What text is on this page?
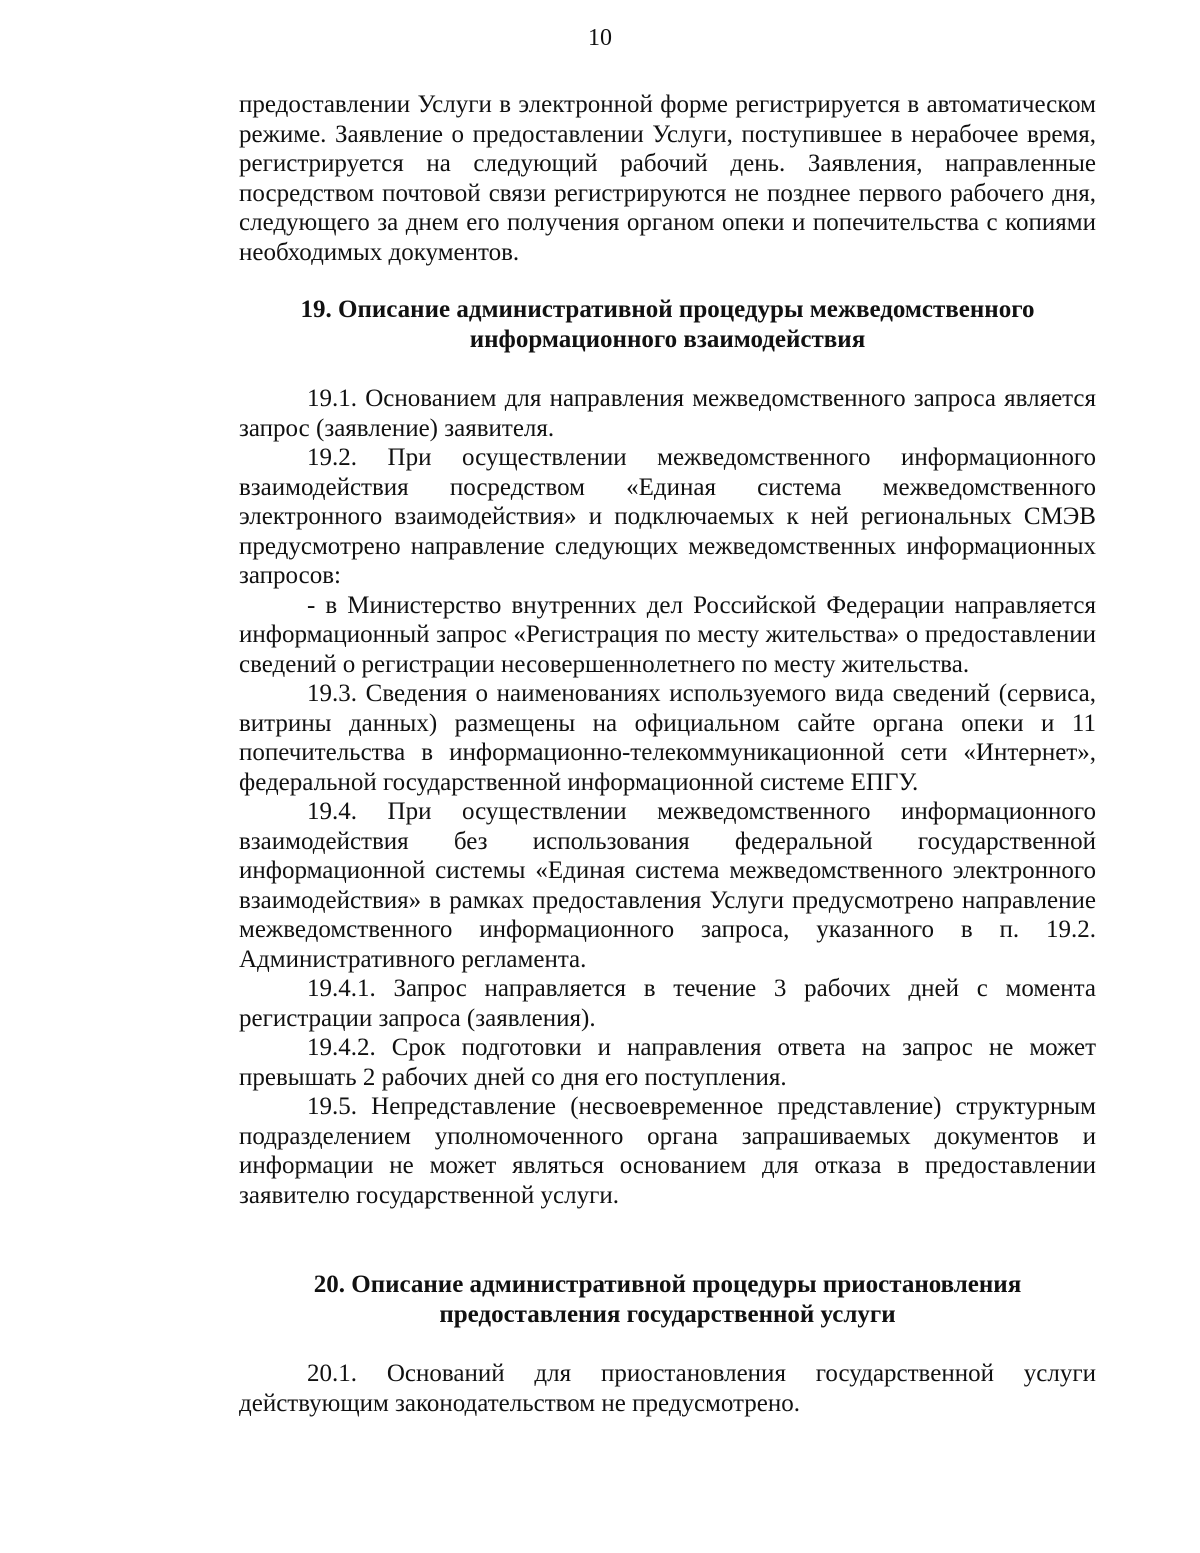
10

предоставлении Услуги в электронной форме регистрируется в автоматическом режиме. Заявление о предоставлении Услуги, поступившее в нерабочее время, регистрируется на следующий рабочий день. Заявления, направленные посредством почтовой связи регистрируются не позднее первого рабочего дня, следующего за днем его получения органом опеки и попечительства с копиями необходимых документов.

19. Описание административной процедуры межведомственного
информационного взаимодействия

19.1. Основанием для направления межведомственного запроса является запрос (заявление) заявителя.

19.2. При осуществлении межведомственного информационного взаимодействия посредством «Единая система межведомственного электронного взаимодействия» и подключаемых к ней региональных СМЭВ предусмотрено направление следующих межведомственных информационных запросов:

- в Министерство внутренних дел Российской Федерации направляется информационный запрос «Регистрация по месту жительства» о предоставлении сведений о регистрации несовершеннолетнего по месту жительства.

19.3. Сведения о наименованиях используемого вида сведений (сервиса, витрины данных) размещены на официальном сайте органа опеки и 11 попечительства в информационно-телекоммуникационной сети «Интернет», федеральной государственной информационной системе ЕПГУ.

19.4. При осуществлении межведомственного информационного взаимодействия без использования федеральной государственной информационной системы «Единая система межведомственного электронного взаимодействия» в рамках предоставления Услуги предусмотрено направление межведомственного информационного запроса, указанного в п. 19.2. Административного регламента.

19.4.1. Запрос направляется в течение 3 рабочих дней с момента регистрации запроса (заявления).

19.4.2. Срок подготовки и направления ответа на запрос не может превышать 2 рабочих дней со дня его поступления.

19.5. Непредставление (несвоевременное представление) структурным подразделением уполномоченного органа запрашиваемых документов и информации не может являться основанием для отказа в предоставлении заявителю государственной услуги.

20. Описание административной процедуры приостановления
предоставления государственной услуги

20.1. Оснований для приостановления государственной услуги действующим законодательством не предусмотрено.
